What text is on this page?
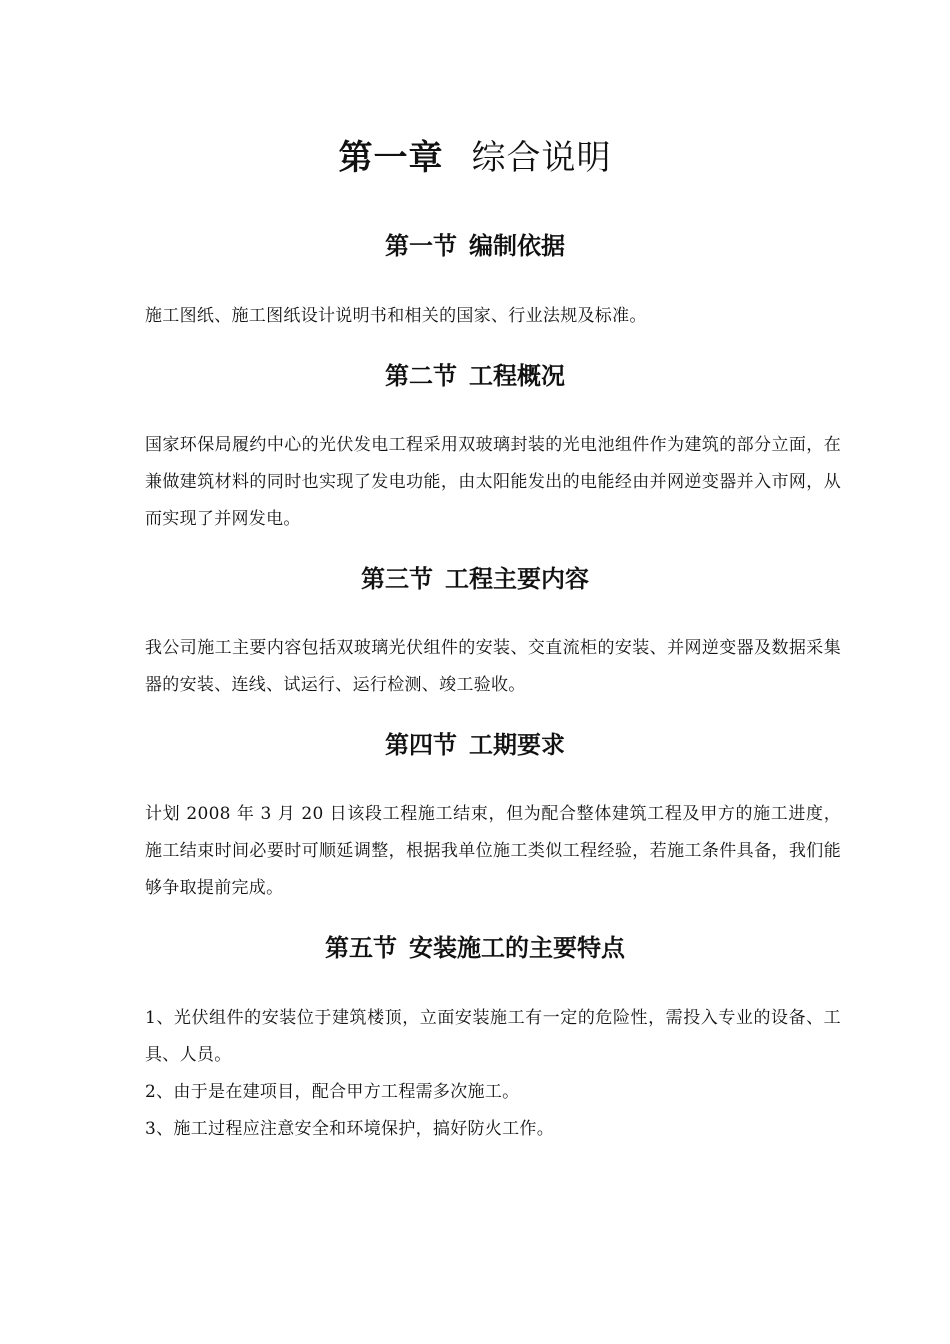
第一章 综合说明
第一节 编制依据
施工图纸、施工图纸设计说明书和相关的国家、行业法规及标准。
第二节 工程概况
国家环保局履约中心的光伏发电工程采用双玻璃封装的光电池组件作为建筑的部分立面，在兼做建筑材料的同时也实现了发电功能，由太阳能发出的电能经由并网逆变器并入市网，从而实现了并网发电。
第三节 工程主要内容
我公司施工主要内容包括双玻璃光伏组件的安装、交直流柜的安装、并网逆变器及数据采集器的安装、连线、试运行、运行检测、竣工验收。
第四节 工期要求
计划 2008 年 3 月 20 日该段工程施工结束，但为配合整体建筑工程及甲方的施工进度，施工结束时间必要时可顺延调整，根据我单位施工类似工程经验，若施工条件具备，我们能够争取提前完成。
第五节 安装施工的主要特点
1、光伏组件的安装位于建筑楼顶，立面安装施工有一定的危险性，需投入专业的设备、工具、人员。
2、由于是在建项目，配合甲方工程需多次施工。
3、施工过程应注意安全和环境保护，搞好防火工作。
